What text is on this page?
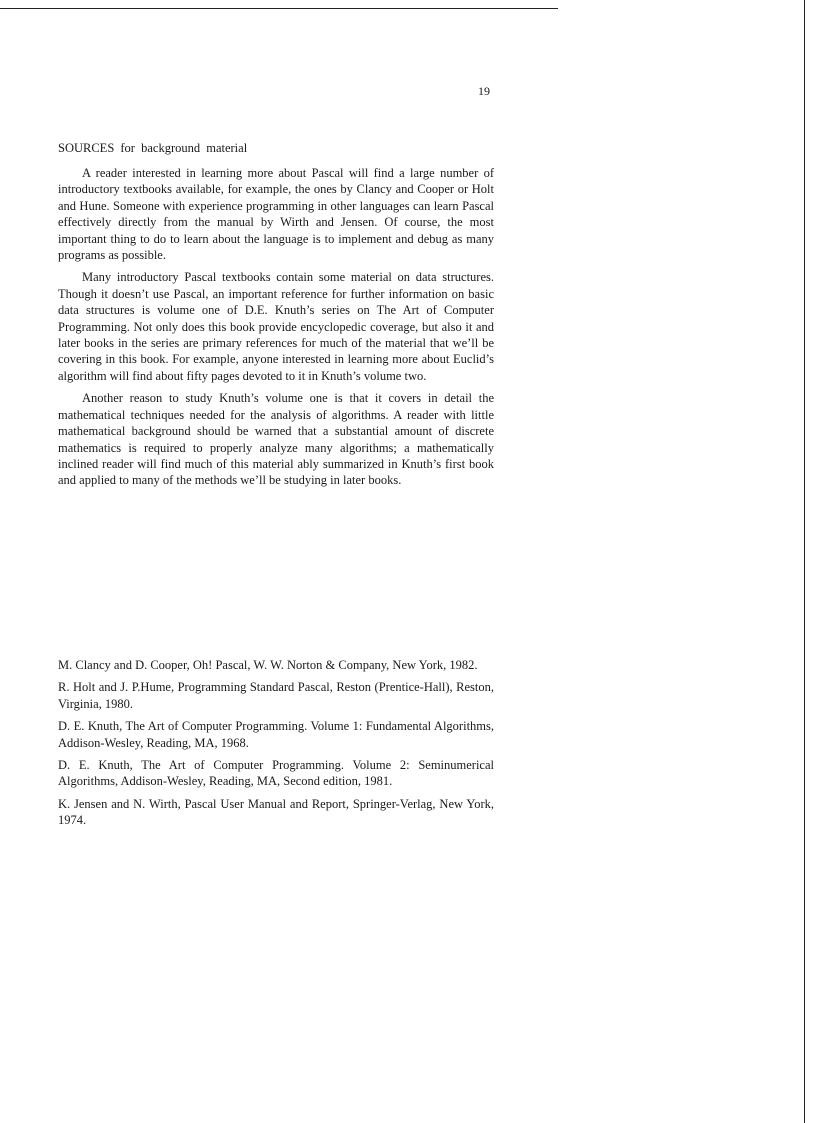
19
SOURCES for background material

A reader interested in learning more about Pascal will find a large number of introductory textbooks available, for example, the ones by Clancy and Cooper or Holt and Hune. Someone with experience programming in other languages can learn Pascal effectively directly from the manual by Wirth and Jensen. Of course, the most important thing to do to learn about the language is to implement and debug as many programs as possible.

Many introductory Pascal textbooks contain some material on data structures. Though it doesn’t use Pascal, an important reference for further information on basic data structures is volume one of D.E. Knuth’s series on The Art of Computer Programming. Not only does this book provide encyclopedic coverage, but also it and later books in the series are primary references for much of the material that we’ll be covering in this book. For example, anyone interested in learning more about Euclid’s algorithm will find about fifty pages devoted to it in Knuth’s volume two.

Another reason to study Knuth’s volume one is that it covers in detail the mathematical techniques needed for the analysis of algorithms. A reader with little mathematical background should be warned that a substantial amount of discrete mathematics is required to properly analyze many algorithms; a mathematically inclined reader will find much of this material ably summarized in Knuth’s first book and applied to many of the methods we’ll be studying in later books.

M. Clancy and D. Cooper, Oh! Pascal, W. W. Norton & Company, New York, 1982.

R. Holt and J. P.Hume, Programming Standard Pascal, Reston (Prentice-Hall), Reston, Virginia, 1980.

D. E. Knuth, The Art of Computer Programming. Volume 1: Fundamental Algorithms, Addison-Wesley, Reading, MA, 1968.

D. E. Knuth, The Art of Computer Programming. Volume 2: Seminumerical Algorithms, Addison-Wesley, Reading, MA, Second edition, 1981.

K. Jensen and N. Wirth, Pascal User Manual and Report, Springer-Verlag, New York, 1974.
